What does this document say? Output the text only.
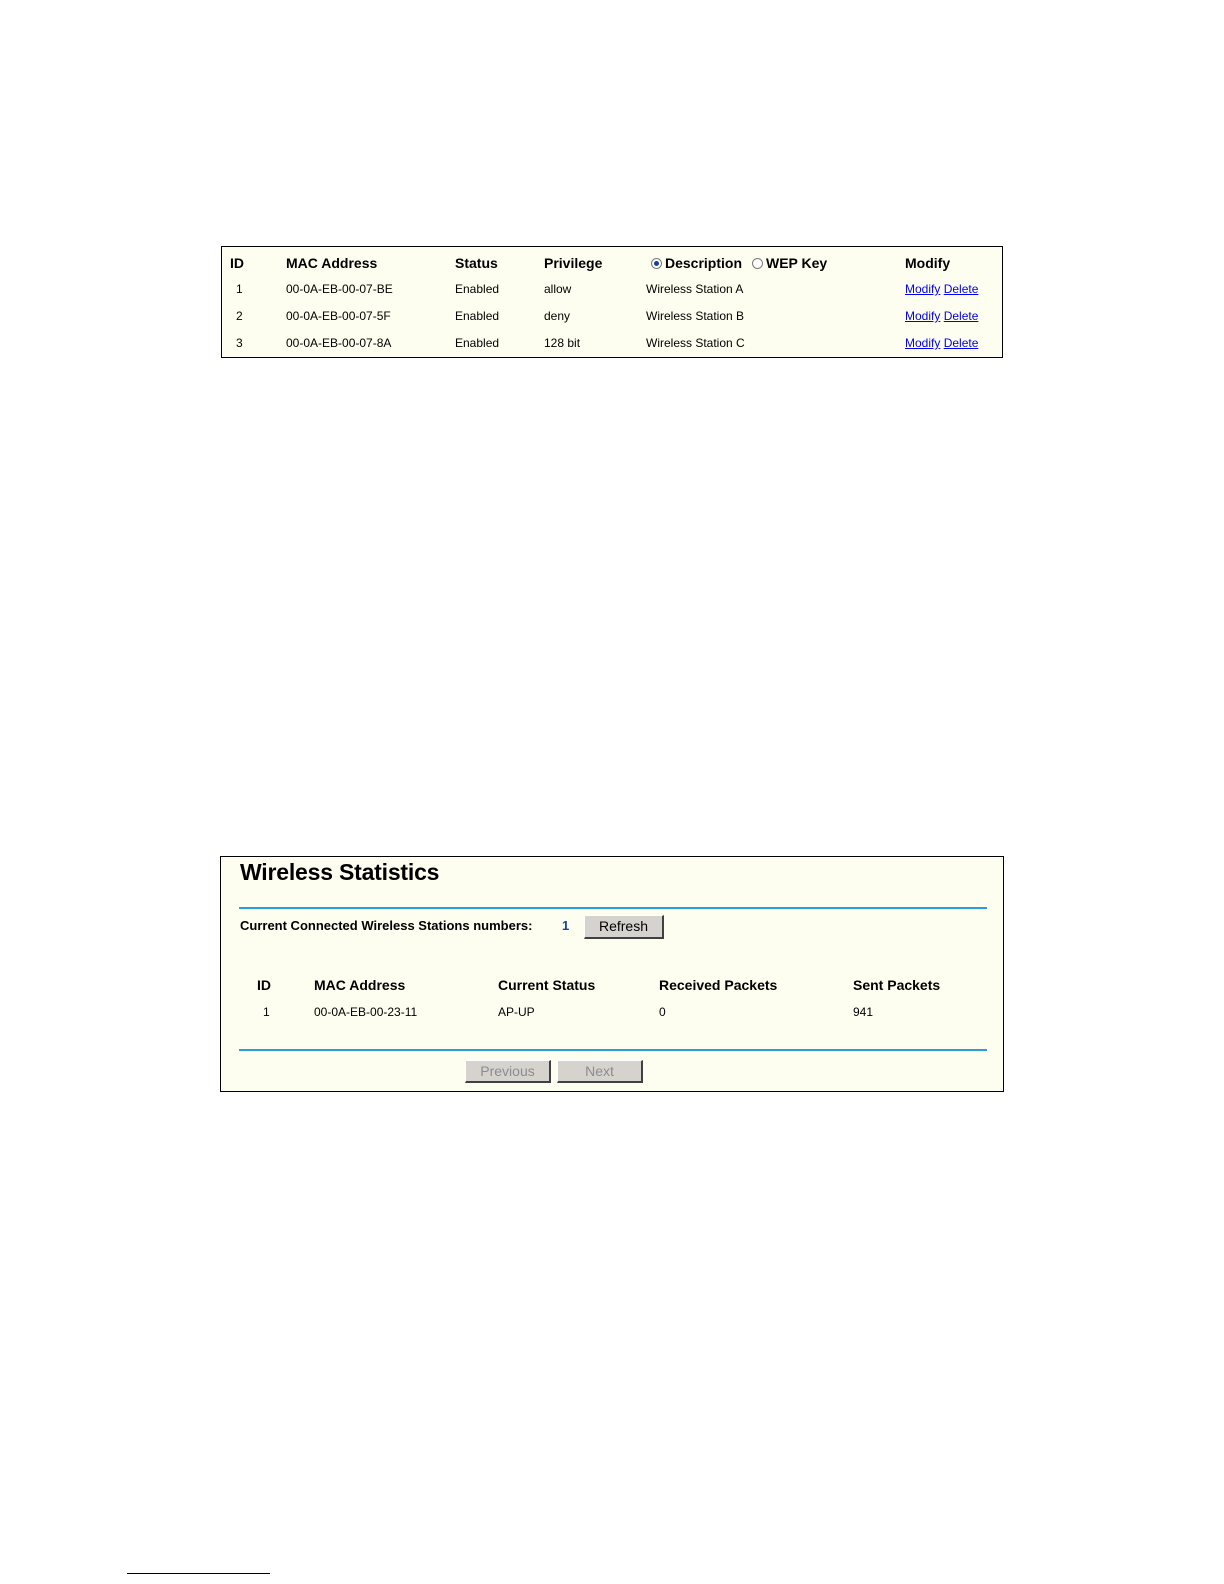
ID	MAC Address	Status	Privilege	Description	WEP Key	Modify
1	00-0A-EB-00-07-BE	Enabled	allow	Wireless Station A	Modify Delete
2	00-0A-EB-00-07-5F	Enabled	deny	Wireless Station B	Modify Delete
3	00-0A-EB-00-07-8A	Enabled	128 bit	Wireless Station C	Modify Delete
Wireless Statistics
Current Connected Wireless Stations numbers: 1	Refresh
ID	MAC Address	Current Status	Received Packets	Sent Packets
1	00-0A-EB-00-23-11	AP-UP	0	941
Previous	Next
